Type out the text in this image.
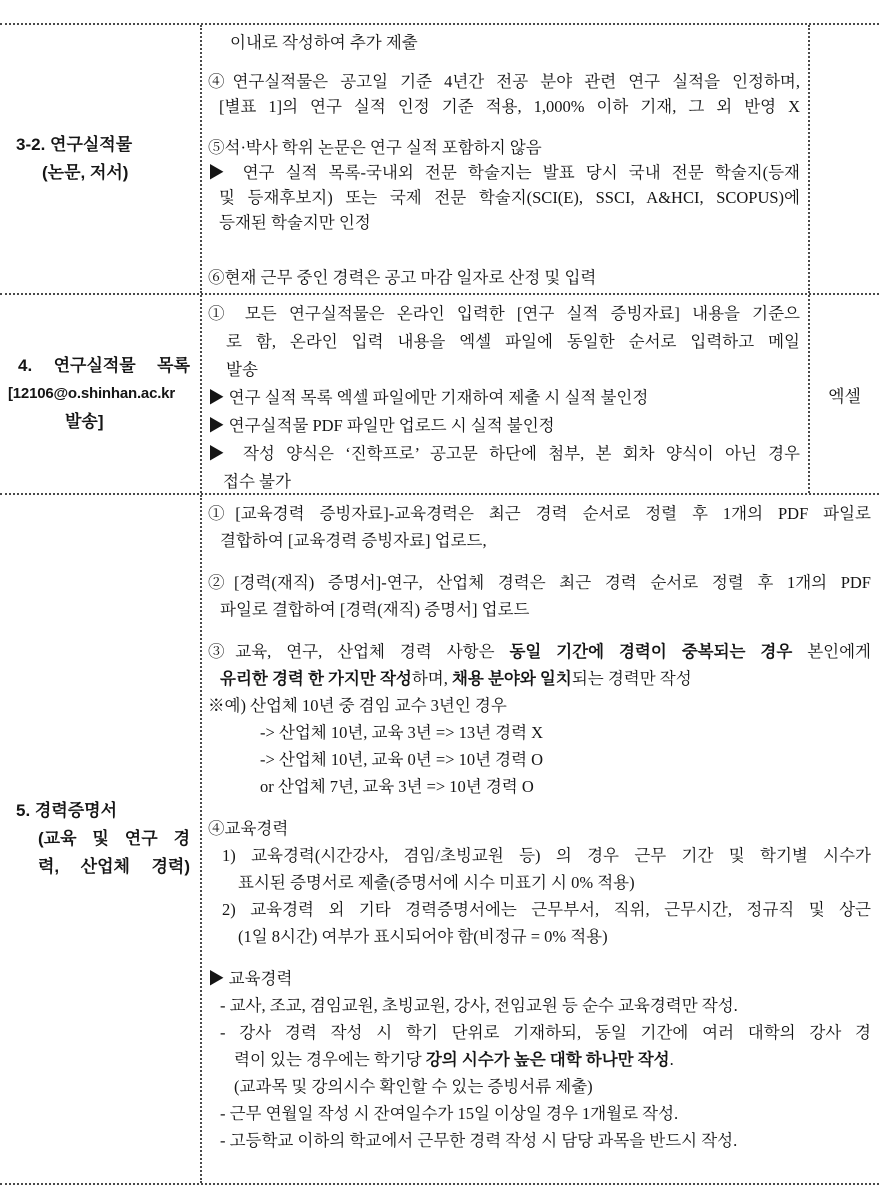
3-2. 연구실적물
(논문, 저서)
이내로 작성하여 추가 제출
④연구실적물은 공고일 기준 4년간 전공 분야 관련 연구 실적을 인정하며,
[별표 1]의 연구 실적 인정 기준 적용, 1,000% 이하 기재, 그 외 반영 X
⑤석·박사 학위 논문은 연구 실적 포함하지 않음
▶ 연구 실적 목록-국내외 전문 학술지는 발표 당시 국내 전문 학술지(등재
및 등재후보지) 또는 국제 전문 학술지(SCI(E), SSCI, A&HCI, SCOPUS)에
등재된 학술지만 인정
⑥현재 근무 중인 경력은 공고 마감 일자로 산정 및 입력
4. 연구실적물 목록
[12106@o.shinhan.ac.kr
발송]
① 모든 연구실적물은 온라인 입력한 [연구 실적 증빙자료] 내용을 기준으
로 함, 온라인 입력 내용을 엑셀 파일에 동일한 순서로 입력하고 메일
발송
▶ 연구 실적 목록 엑셀 파일에만 기재하여 제출 시 실적 불인정
▶ 연구실적물 PDF 파일만 업로드 시 실적 불인정
▶ 작성 양식은 ‘진학프로’ 공고문 하단에 첨부, 본 회차 양식이 아닌 경우
접수 불가
엑셀
5. 경력증명서
(교육 및 연구 경
력, 산업체 경력)
①[교육경력 증빙자료]-교육경력은 최근 경력 순서로 정렬 후 1개의 PDF 파일로
결합하여 [교육경력 증빙자료] 업로드,
②[경력(재직) 증명서]-연구, 산업체 경력은 최근 경력 순서로 정렬 후 1개의 PDF
파일로 결합하여 [경력(재직) 증명서] 업로드
③교육, 연구, 산업체 경력 사항은 동일 기간에 경력이 중복되는 경우 본인에게
유리한 경력 한 가지만 작성하며, 채용 분야와 일치되는 경력만 작성
※예) 산업체 10년 중 겸임 교수 3년인 경우
-> 산업체 10년, 교육 3년 => 13년 경력 X
-> 산업체 10년, 교육 0년 => 10년 경력 O
or 산업체 7년, 교육 3년 => 10년 경력 O
④교육경력
1) 교육경력(시간강사, 겸임/초빙교원 등) 의 경우 근무 기간 및 학기별 시수가
표시된 증명서로 제출(증명서에 시수 미표기 시 0% 적용)
2) 교육경력 외 기타 경력증명서에는 근무부서, 직위, 근무시간, 정규직 및 상근
(1일 8시간) 여부가 표시되어야 함(비정규 = 0% 적용)
▶ 교육경력
- 교사, 조교, 겸임교원, 초빙교원, 강사, 전임교원 등 순수 교육경력만 작성.
- 강사 경력 작성 시 학기 단위로 기재하되, 동일 기간에 여러 대학의 강사 경
력이 있는 경우에는 학기당 강의 시수가 높은 대학 하나만 작성.
(교과목 및 강의시수 확인할 수 있는 증빙서류 제출)
- 근무 연월일 작성 시 잔여일수가 15일 이상일 경우 1개월로 작성.
- 고등학교 이하의 학교에서 근무한 경력 작성 시 담당 과목을 반드시 작성.
